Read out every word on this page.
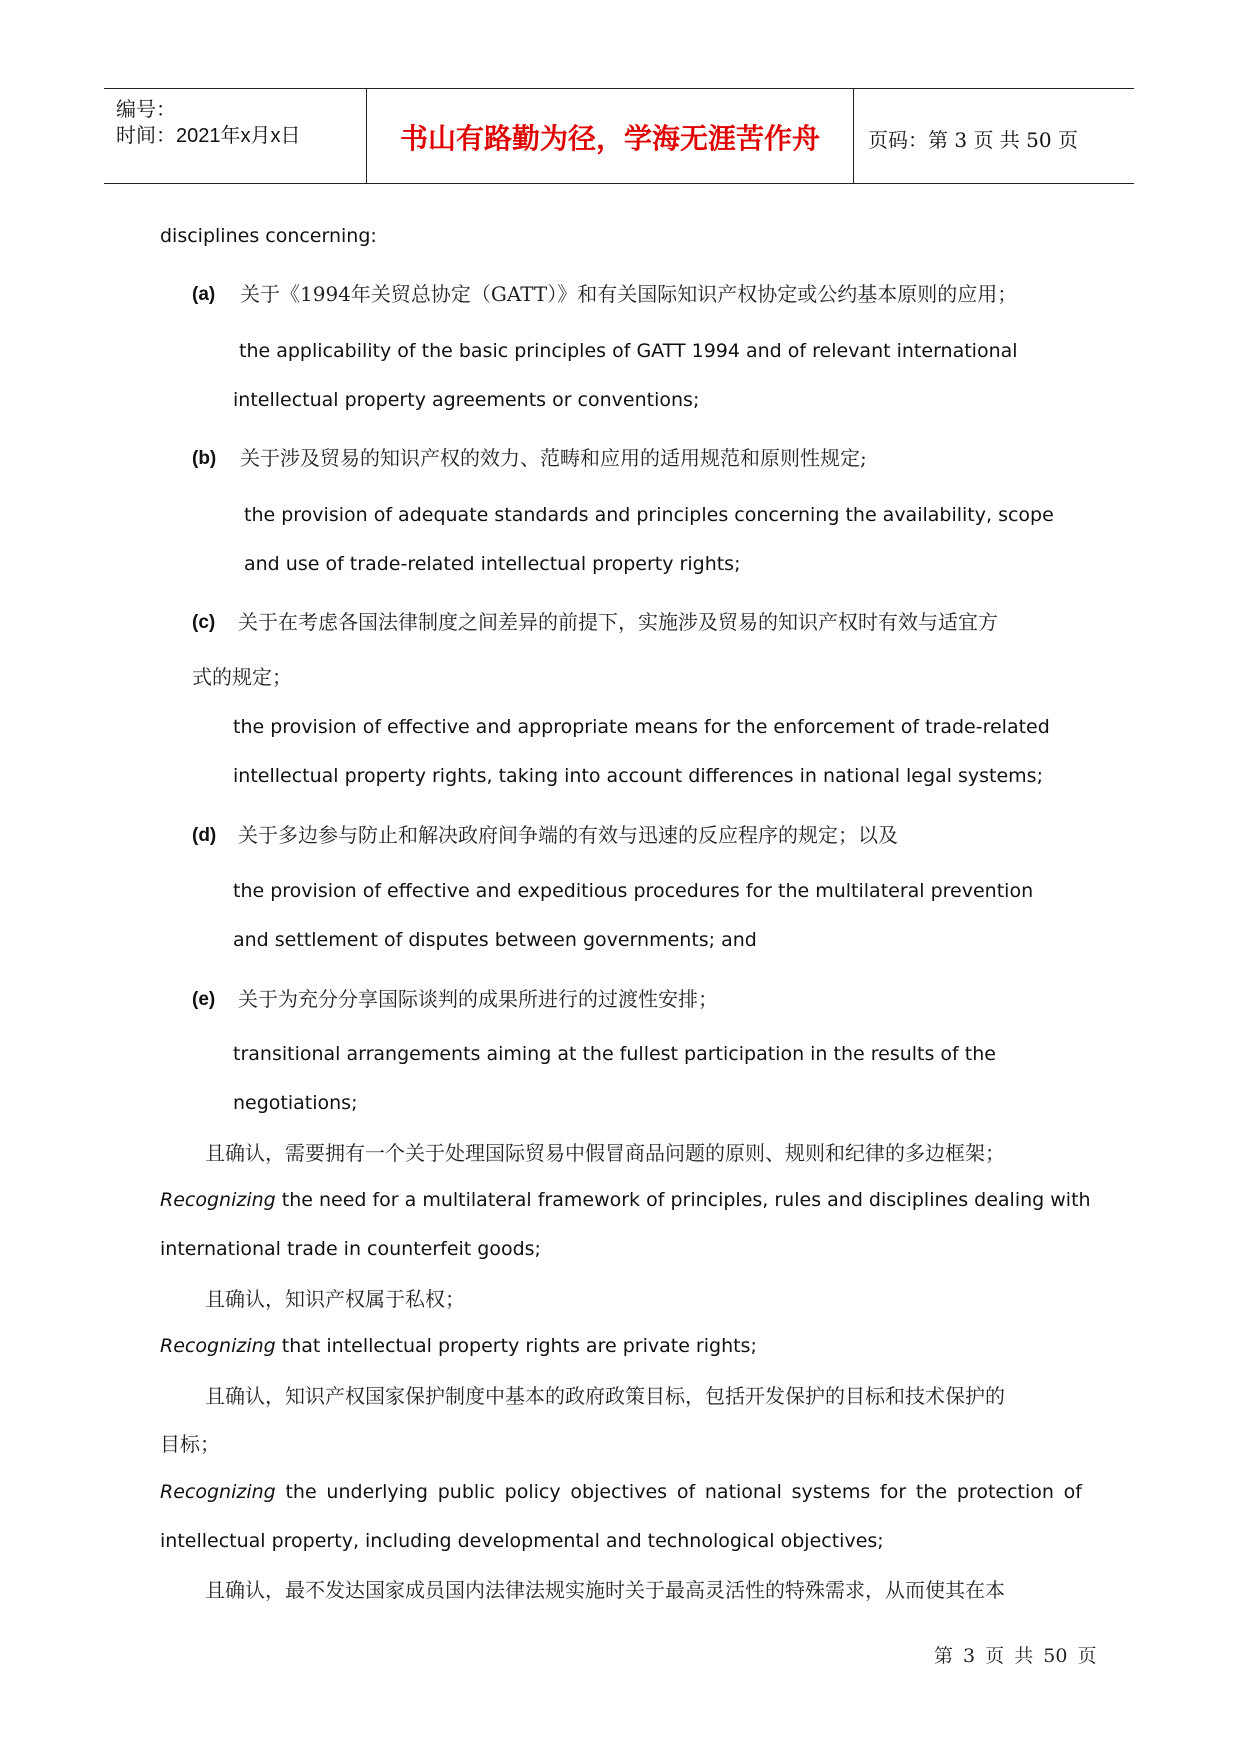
编号：
时间：2021年x月x日	书山有路勤为径，学海无涯苦作舟	页码：第 3 页 共 50 页
disciplines concerning:
(a) 关于《1994年关贸总协定（GATT）》和有关国际知识产权协定或公约基本原则的应用；
the applicability of the basic principles of GATT 1994 and of relevant international
intellectual property agreements or conventions;
(b) 关于涉及贸易的知识产权的效力、范畴和应用的适用规范和原则性规定;
the provision of adequate standards and principles concerning the availability, scope
and use of trade-related intellectual property rights;
(c) 关于在考虑各国法律制度之间差异的前提下，实施涉及贸易的知识产权时有效与适宜方
式的规定；
the provision of effective and appropriate means for the enforcement of trade-related
intellectual property rights, taking into account differences in national legal systems;
(d) 关于多边参与防止和解决政府间争端的有效与迅速的反应程序的规定；以及
the provision of effective and expeditious procedures for the multilateral prevention
and settlement of disputes between governments; and
(e) 关于为充分分享国际谈判的成果所进行的过渡性安排；
transitional arrangements aiming at the fullest participation in the results of the
negotiations;
且确认，需要拥有一个关于处理国际贸易中假冒商品问题的原则、规则和纪律的多边框架；
Recognizing the need for a multilateral framework of principles, rules and disciplines dealing with
international trade in counterfeit goods;
且确认，知识产权属于私权；
Recognizing that intellectual property rights are private rights;
且确认，知识产权国家保护制度中基本的政府政策目标，包括开发保护的目标和技术保护的
目标；
Recognizing the underlying public policy objectives of national systems for the protection of
intellectual property, including developmental and technological objectives;
且确认，最不发达国家成员国内法律法规实施时关于最高灵活性的特殊需求，从而使其在本
第 3 页 共 50 页
